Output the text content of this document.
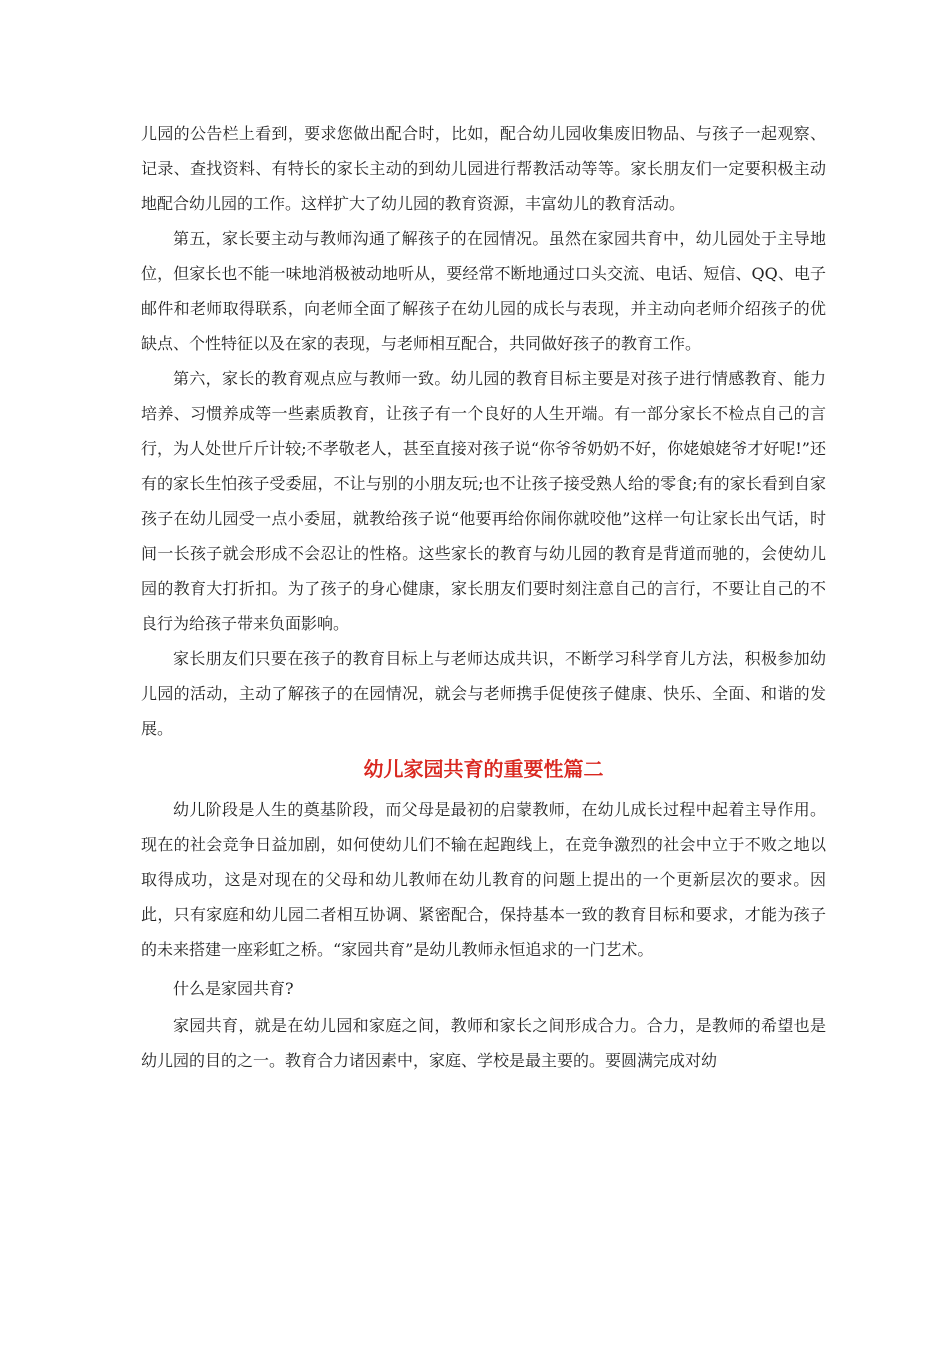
儿园的公告栏上看到，要求您做出配合时，比如，配合幼儿园收集废旧物品、与孩子一起观察、记录、查找资料、有特长的家长主动的到幼儿园进行帮教活动等等。家长朋友们一定要积极主动地配合幼儿园的工作。这样扩大了幼儿园的教育资源，丰富幼儿的教育活动。

第五，家长要主动与教师沟通了解孩子的在园情况。虽然在家园共育中，幼儿园处于主导地位，但家长也不能一味地消极被动地听从，要经常不断地通过口头交流、电话、短信、QQ、电子邮件和老师取得联系，向老师全面了解孩子在幼儿园的成长与表现，并主动向老师介绍孩子的优缺点、个性特征以及在家的表现，与老师相互配合，共同做好孩子的教育工作。

第六，家长的教育观点应与教师一致。幼儿园的教育目标主要是对孩子进行情感教育、能力培养、习惯养成等一些素质教育，让孩子有一个良好的人生开端。有一部分家长不检点自己的言行，为人处世斤斤计较;不孝敬老人，甚至直接对孩子说“你爷爷奶奶不好，你姥娘姥爷才好呢!”还有的家长生怕孩子受委屈，不让与别的小朋友玩;也不让孩子接受熟人给的零食;有的家长看到自家孩子在幼儿园受一点小委屈，就教给孩子说“他要再给你闹你就咬他”这样一句让家长出气话，时间一长孩子就会形成不会忍让的性格。这些家长的教育与幼儿园的教育是背道而驰的，会使幼儿园的教育大打折扣。为了孩子的身心健康，家长朋友们要时刻注意自己的言行，不要让自己的不良行为给孩子带来负面影响。

家长朋友们只要在孩子的教育目标上与老师达成共识，不断学习科学育儿方法，积极参加幼儿园的活动，主动了解孩子的在园情况，就会与老师携手促使孩子健康、快乐、全面、和谐的发展。

幼儿家园共育的重要性篇二

幼儿阶段是人生的奠基阶段，而父母是最初的启蒙教师，在幼儿成长过程中起着主导作用。现在的社会竞争日益加剧，如何使幼儿们不输在起跑线上，在竞争激烈的社会中立于不败之地以取得成功，这是对现在的父母和幼儿教师在幼儿教育的问题上提出的一个更新层次的要求。因此，只有家庭和幼儿园二者相互协调、紧密配合，保持基本一致的教育目标和要求，才能为孩子的未来搭建一座彩虹之桥。“家园共育”是幼儿教师永恒追求的一门艺术。

什么是家园共育?

家园共育，就是在幼儿园和家庭之间，教师和家长之间形成合力。合力，是教师的希望也是幼儿园的目的之一。教育合力诸因素中，家庭、学校是最主要的。要圆满完成对幼
